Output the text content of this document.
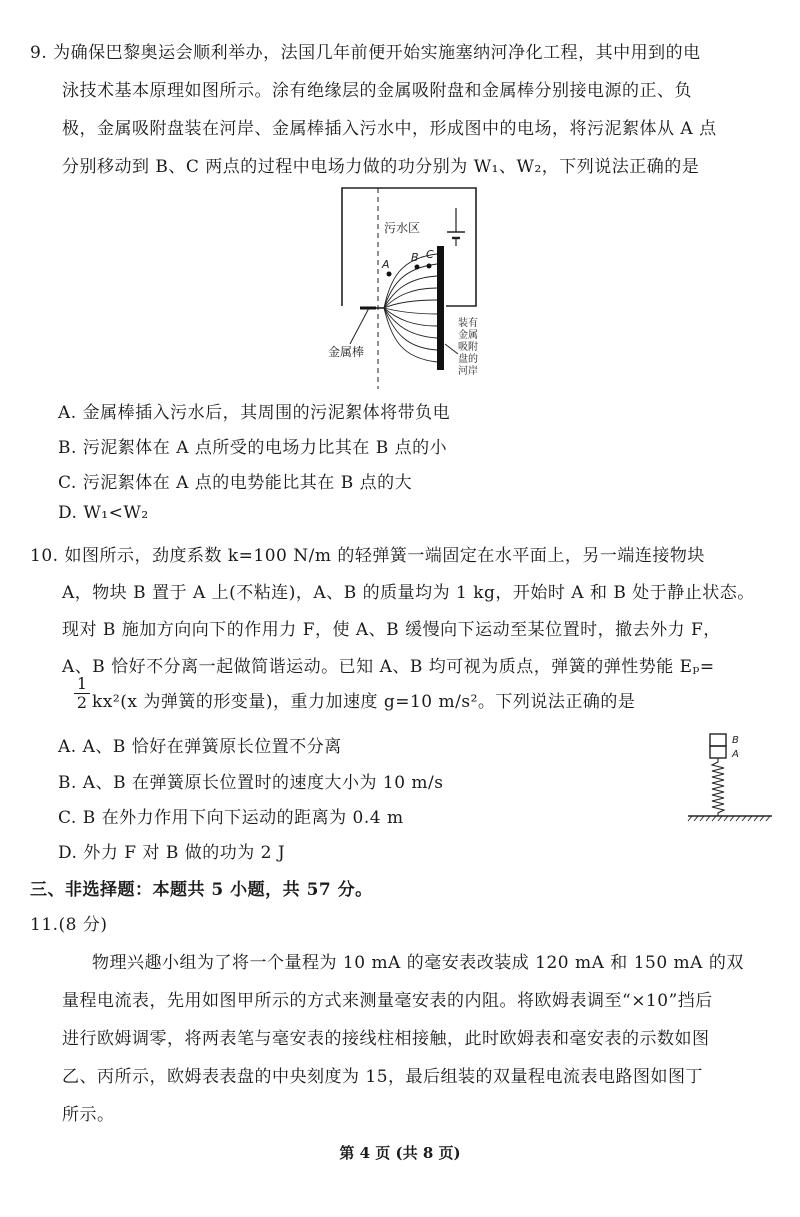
9. 为确保巴黎奥运会顺利举办，法国几年前便开始实施塞纳河净化工程，其中用到的电
泳技术基本原理如图所示。涂有绝缘层的金属吸附盘和金属棒分别接电源的正、负
极，金属吸附盘装在河岸、金属棒插入污水中，形成图中的电场，将污泥絮体从 A 点
分别移动到 B、C 两点的过程中电场力做的功分别为 W₁、W₂，下列说法正确的是
污水区
金属棒
A
B C
装有
金属
吸附
盘的
河岸
A. 金属棒插入污水后，其周围的污泥絮体将带负电
B. 污泥絮体在 A 点所受的电场力比其在 B 点的小
C. 污泥絮体在 A 点的电势能比其在 B 点的大
D. W₁<W₂
10. 如图所示，劲度系数 k=100 N/m 的轻弹簧一端固定在水平面上，另一端连接物块
A，物块 B 置于 A 上(不粘连)，A、B 的质量均为 1 kg，开始时 A 和 B 处于静止状态。
现对 B 施加方向向下的作用力 F，使 A、B 缓慢向下运动至某位置时，撤去外力 F，
A、B 恰好不分离一起做简谐运动。已知 A、B 均可视为质点，弹簧的弹性势能 Eₚ=
$\frac{1}{2} kx^2(x$ 为弹簧的形变量)，重力加速度 g=10 m/s²。下列说法正确的是
A. A、B 恰好在弹簧原长位置不分离
B. A、B 在弹簧原长位置时的速度大小为 10 m/s
C. B 在外力作用下向下运动的距离为 0.4 m
D. 外力 F 对 B 做的功为 2 J
B
A
三、非选择题：本题共 5 小题，共 57 分。
11.(8 分)
物理兴趣小组为了将一个量程为 10 mA 的毫安表改装成 120 mA 和 150 mA 的双
量程电流表，先用如图甲所示的方式来测量毫安表的内阻。将欧姆表调至“×10”挡后
进行欧姆调零，将两表笔与毫安表的接线柱相接触，此时欧姆表和毫安表的示数如图
乙、丙所示，欧姆表表盘的中央刻度为 15，最后组装的双量程电流表电路图如图丁
所示。
第 4 页 (共 8 页)
